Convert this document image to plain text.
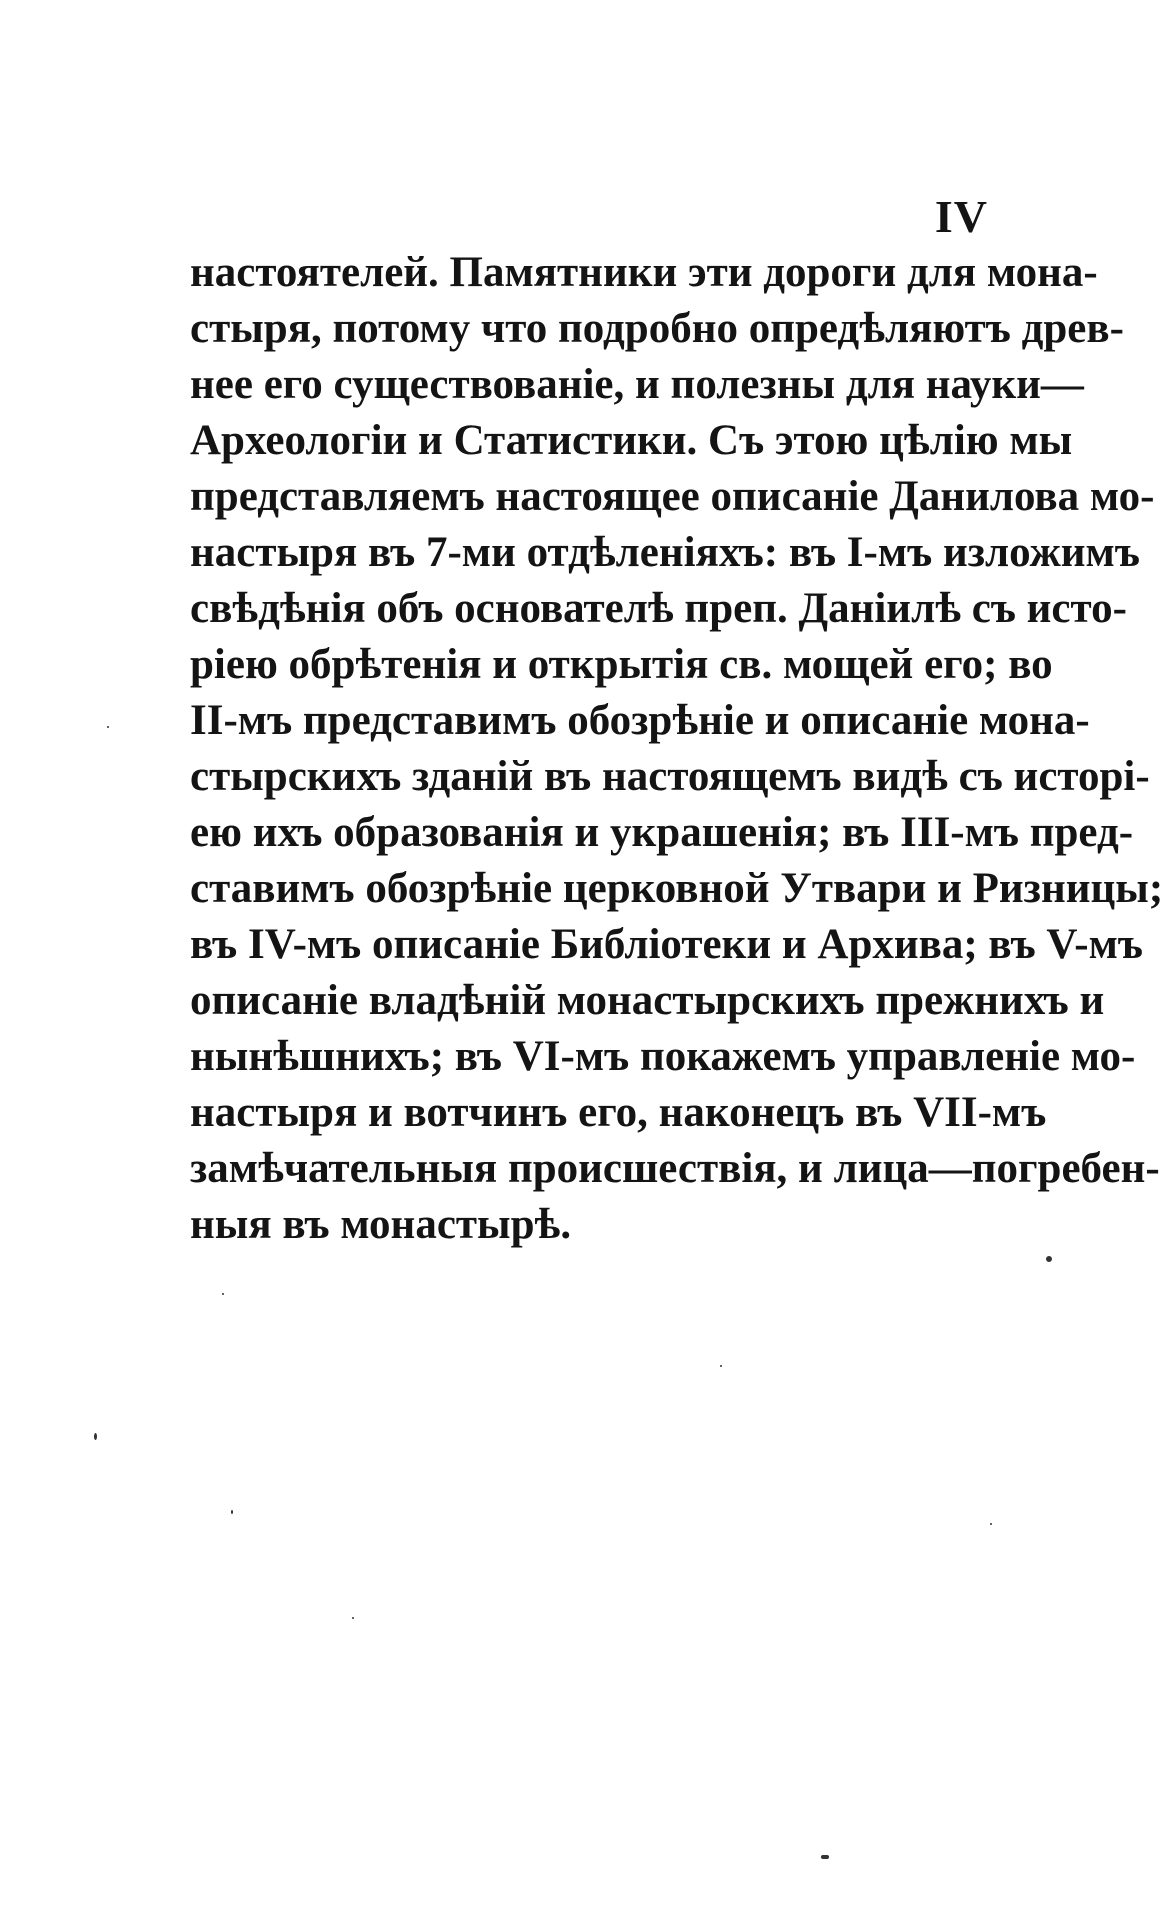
IV
настоятелей. Памятники эти дороги для мона-
стыря, потому что подробно опредѣляютъ древ-
нее его существованіе, и полезны для науки—
Археологіи и Статистики. Съ этою цѣлію мы
представляемъ настоящее описаніе Данилова мо-
настыря въ 7-ми отдѣленіяхъ: въ I-мъ изложимъ
свѣдѣнія объ основателѣ преп. Даніилѣ съ исто-
ріею обрѣтенія и открытія св. мощей его; во
II-мъ представимъ обозрѣніе и описаніе мона-
стырскихъ зданій въ настоящемъ видѣ съ исторі-
ею ихъ образованія и украшенія; въ III-мъ пред-
ставимъ обозрѣніе церковной Утвари и Ризницы;
въ IV-мъ описаніе Библіотеки и Архива; въ V-мъ
описаніе владѣній монастырскихъ прежнихъ и
нынѣшнихъ; въ VI-мъ покажемъ управленіе мо-
настыря и вотчинъ его, наконецъ въ VII-мъ
замѣчательныя происшествія, и лица—погребен-
ныя въ монастырѣ.
